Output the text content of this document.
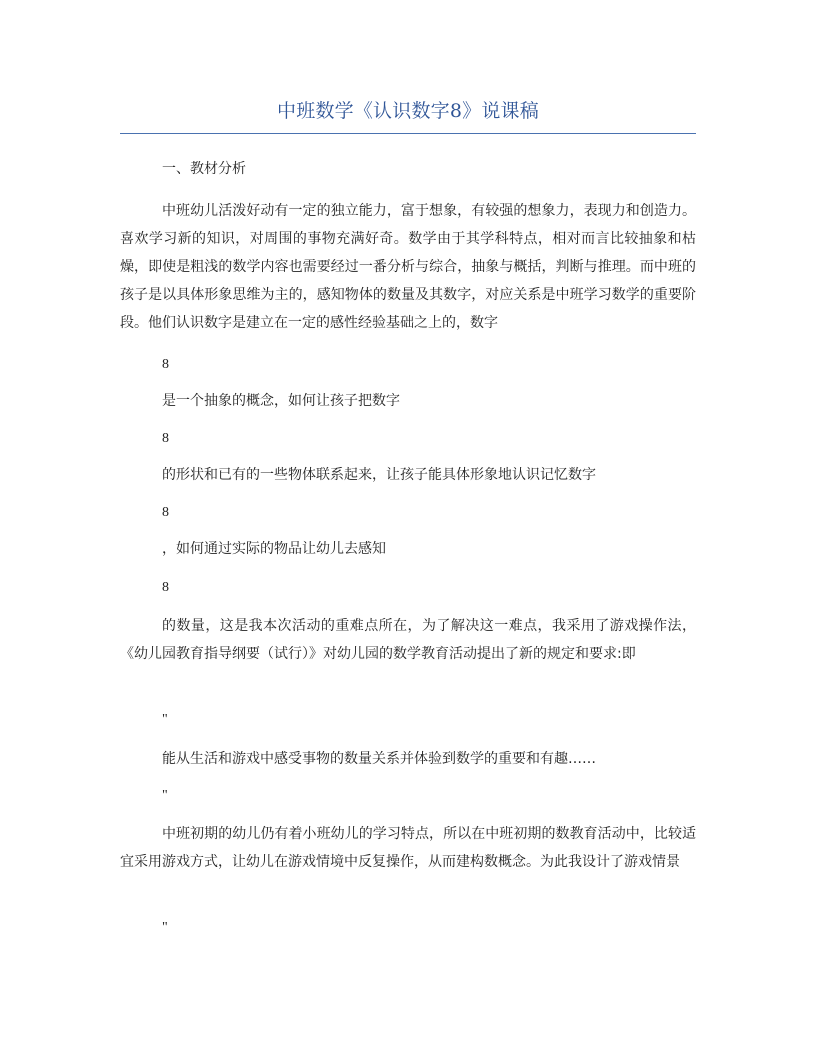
中班数学《认识数字8》说课稿
一、教材分析
中班幼儿活泼好动有一定的独立能力，富于想象，有较强的想象力，表现力和创造力。喜欢学习新的知识，对周围的事物充满好奇。数学由于其学科特点，相对而言比较抽象和枯燥，即使是粗浅的数学内容也需要经过一番分析与综合，抽象与概括，判断与推理。而中班的孩子是以具体形象思维为主的，感知物体的数量及其数字，对应关系是中班学习数学的重要阶段。他们认识数字是建立在一定的感性经验基础之上的，数字
8
是一个抽象的概念，如何让孩子把数字
8
的形状和已有的一些物体联系起来，让孩子能具体形象地认识记忆数字
8
，如何通过实际的物品让幼儿去感知
8
的数量，这是我本次活动的重难点所在，为了解决这一难点，我采用了游戏操作法，《幼儿园教育指导纲要（试行）》对幼儿园的数学教育活动提出了新的规定和要求:即
"
能从生活和游戏中感受事物的数量关系并体验到数学的重要和有趣……
"
中班初期的幼儿仍有着小班幼儿的学习特点，所以在中班初期的数教育活动中，比较适宜采用游戏方式，让幼儿在游戏情境中反复操作，从而建构数概念。为此我设计了游戏情景
"
